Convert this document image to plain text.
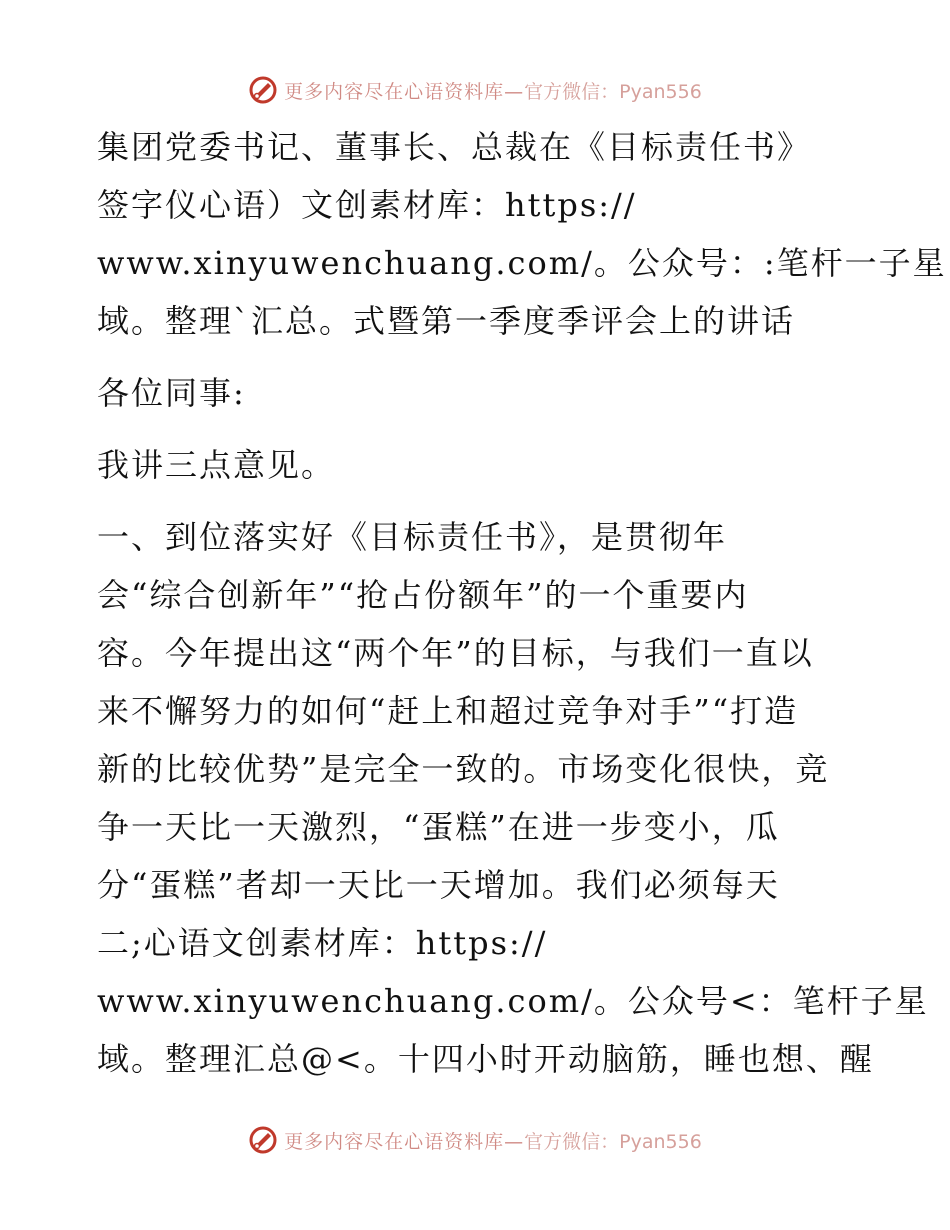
更多内容尽在心语资料库— 官方微信：Pyan556
集团党委书记、董事长、总裁在《目标责任书》
签字仪心语）文创素材库：https://
www.xinyuwenchuang.com/。公众号：:笔杆一子星
域。整理`汇总。式暨第一季度季评会上的讲话
各位同事:
我讲三点意见。
一、到位落实好《目标责任书》，是贯彻年
会“综合创新年”“抢占份额年”的一个重要内
容。今年提出这“两个年”的目标，与我们一直以
来不懈努力的如何“赶上和超过竞争对手”“打造
新的比较优势”是完全一致的。市场变化很快，竞
争一天比一天激烈，“蛋糕”在进一步变小，瓜
分“蛋糕”者却一天比一天增加。我们必须每天
二;心语文创素材库：https://
www.xinyuwenchuang.com/。公众号<：笔杆子星
域。整理汇总@<。十四小时开动脑筋，睡也想、醒
更多内容尽在心语资料库— 官方微信：Pyan556
